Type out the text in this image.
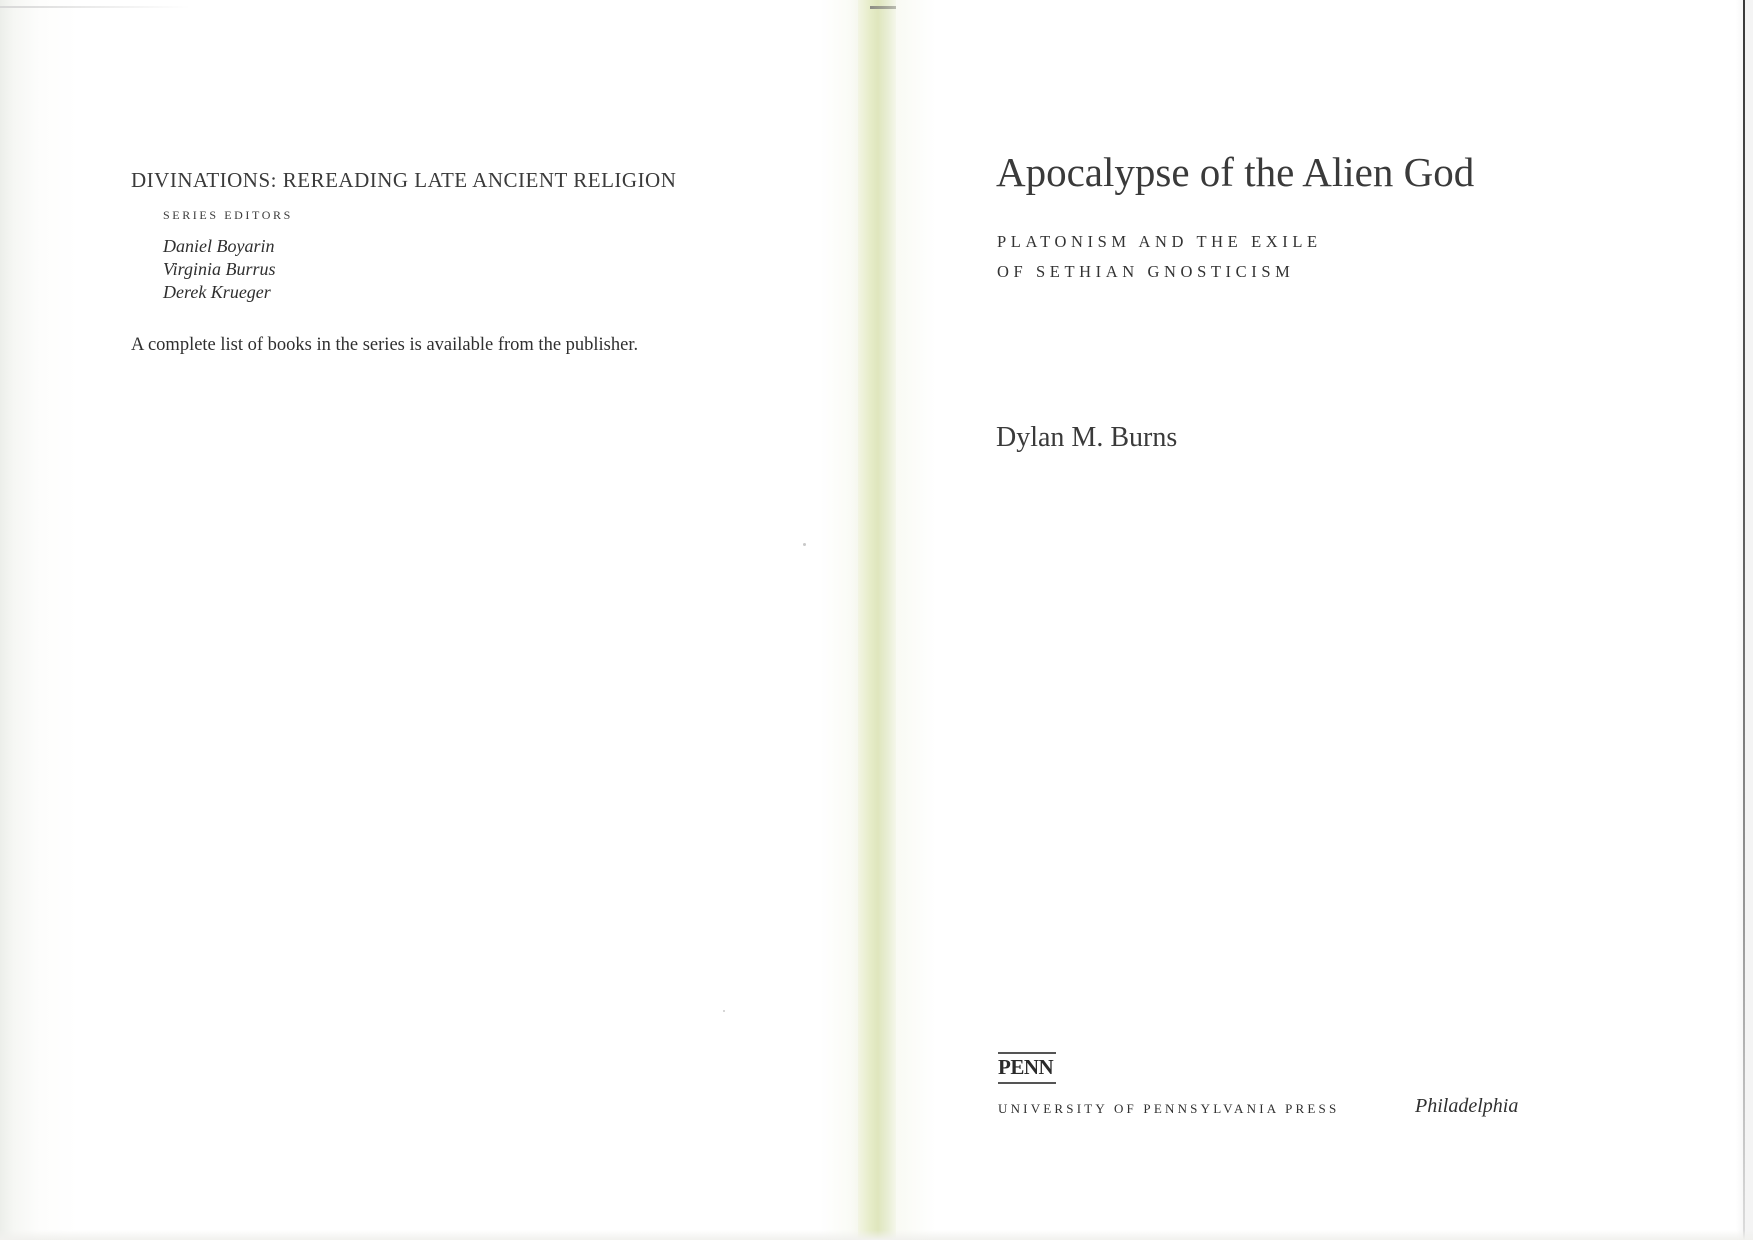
DIVINATIONS: REREADING LATE ANCIENT RELIGION
SERIES EDITORS
Daniel Boyarin
Virginia Burrus
Derek Krueger
A complete list of books in the series is available from the publisher.
Apocalypse of the Alien God
PLATONISM AND THE EXILE
OF SETHIAN GNOSTICISM
Dylan M. Burns
PENN
UNIVERSITY OF PENNSYLVANIA PRESS	Philadelphia
